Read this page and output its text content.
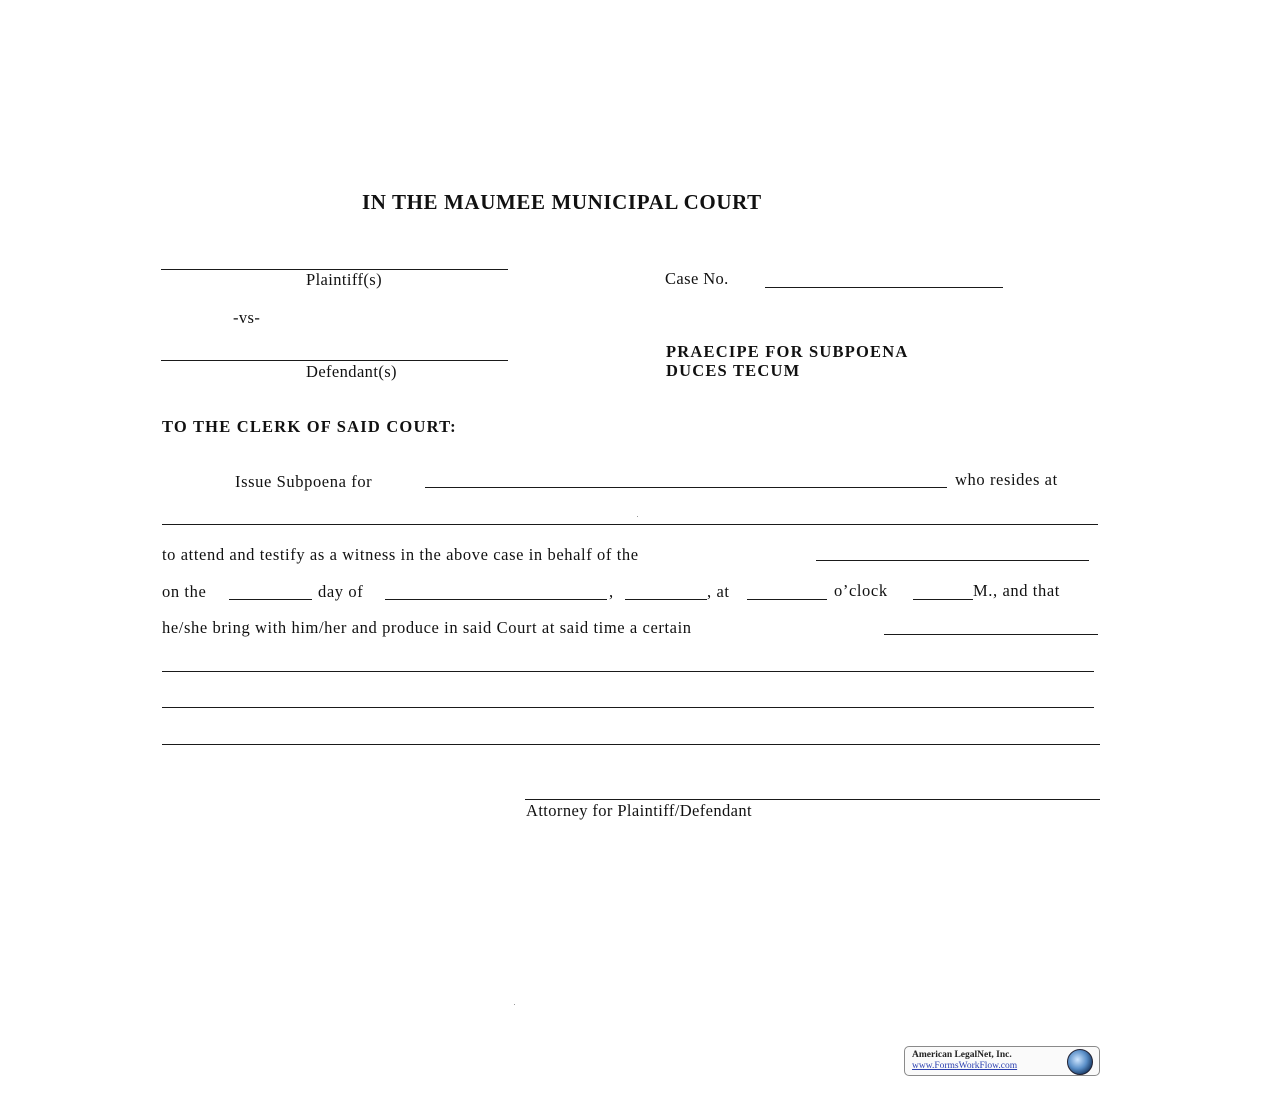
IN THE MAUMEE MUNICIPAL COURT
Plaintiff(s)
-vs-
Defendant(s)
Case No.
PRAECIPE FOR SUBPOENA
DUCES TECUM
TO THE CLERK OF SAID COURT:
Issue Subpoena for	who resides at
to attend and testify as a witness in the above case in behalf of the
on the	day of	,	, at	o’clock	M., and that
he/she bring with him/her and produce in said Court at said time a certain
Attorney for Plaintiff/Defendant
American LegalNet, Inc.
www.FormsWorkFlow.com
